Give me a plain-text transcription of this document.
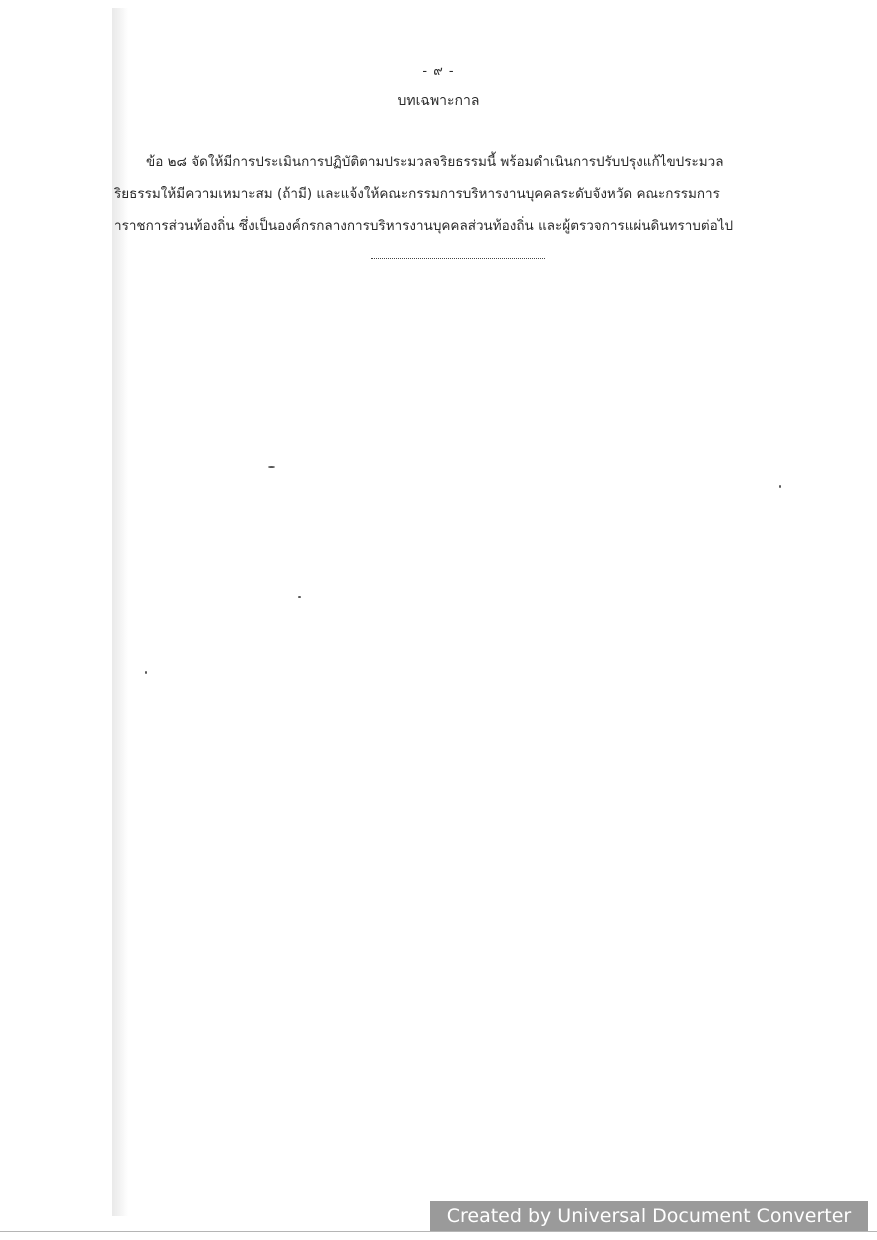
- ๙ -
บทเฉพาะกาล
ข้อ ๒๘ จัดให้มีการประเมินการปฏิบัติตามประมวลจริยธรรมนี้ พร้อมดำเนินการปรับปรุงแก้ไขประมวล
ริยธรรมให้มีความเหมาะสม (ถ้ามี) และแจ้งให้คณะกรรมการบริหารงานบุคคลระดับจังหวัด คณะกรรมการ
าราชการส่วนท้องถิ่น ซึ่งเป็นองค์กรกลางการบริหารงานบุคคลส่วนท้องถิ่น และผู้ตรวจการแผ่นดินทราบต่อไป
Created by Universal Document Converter
